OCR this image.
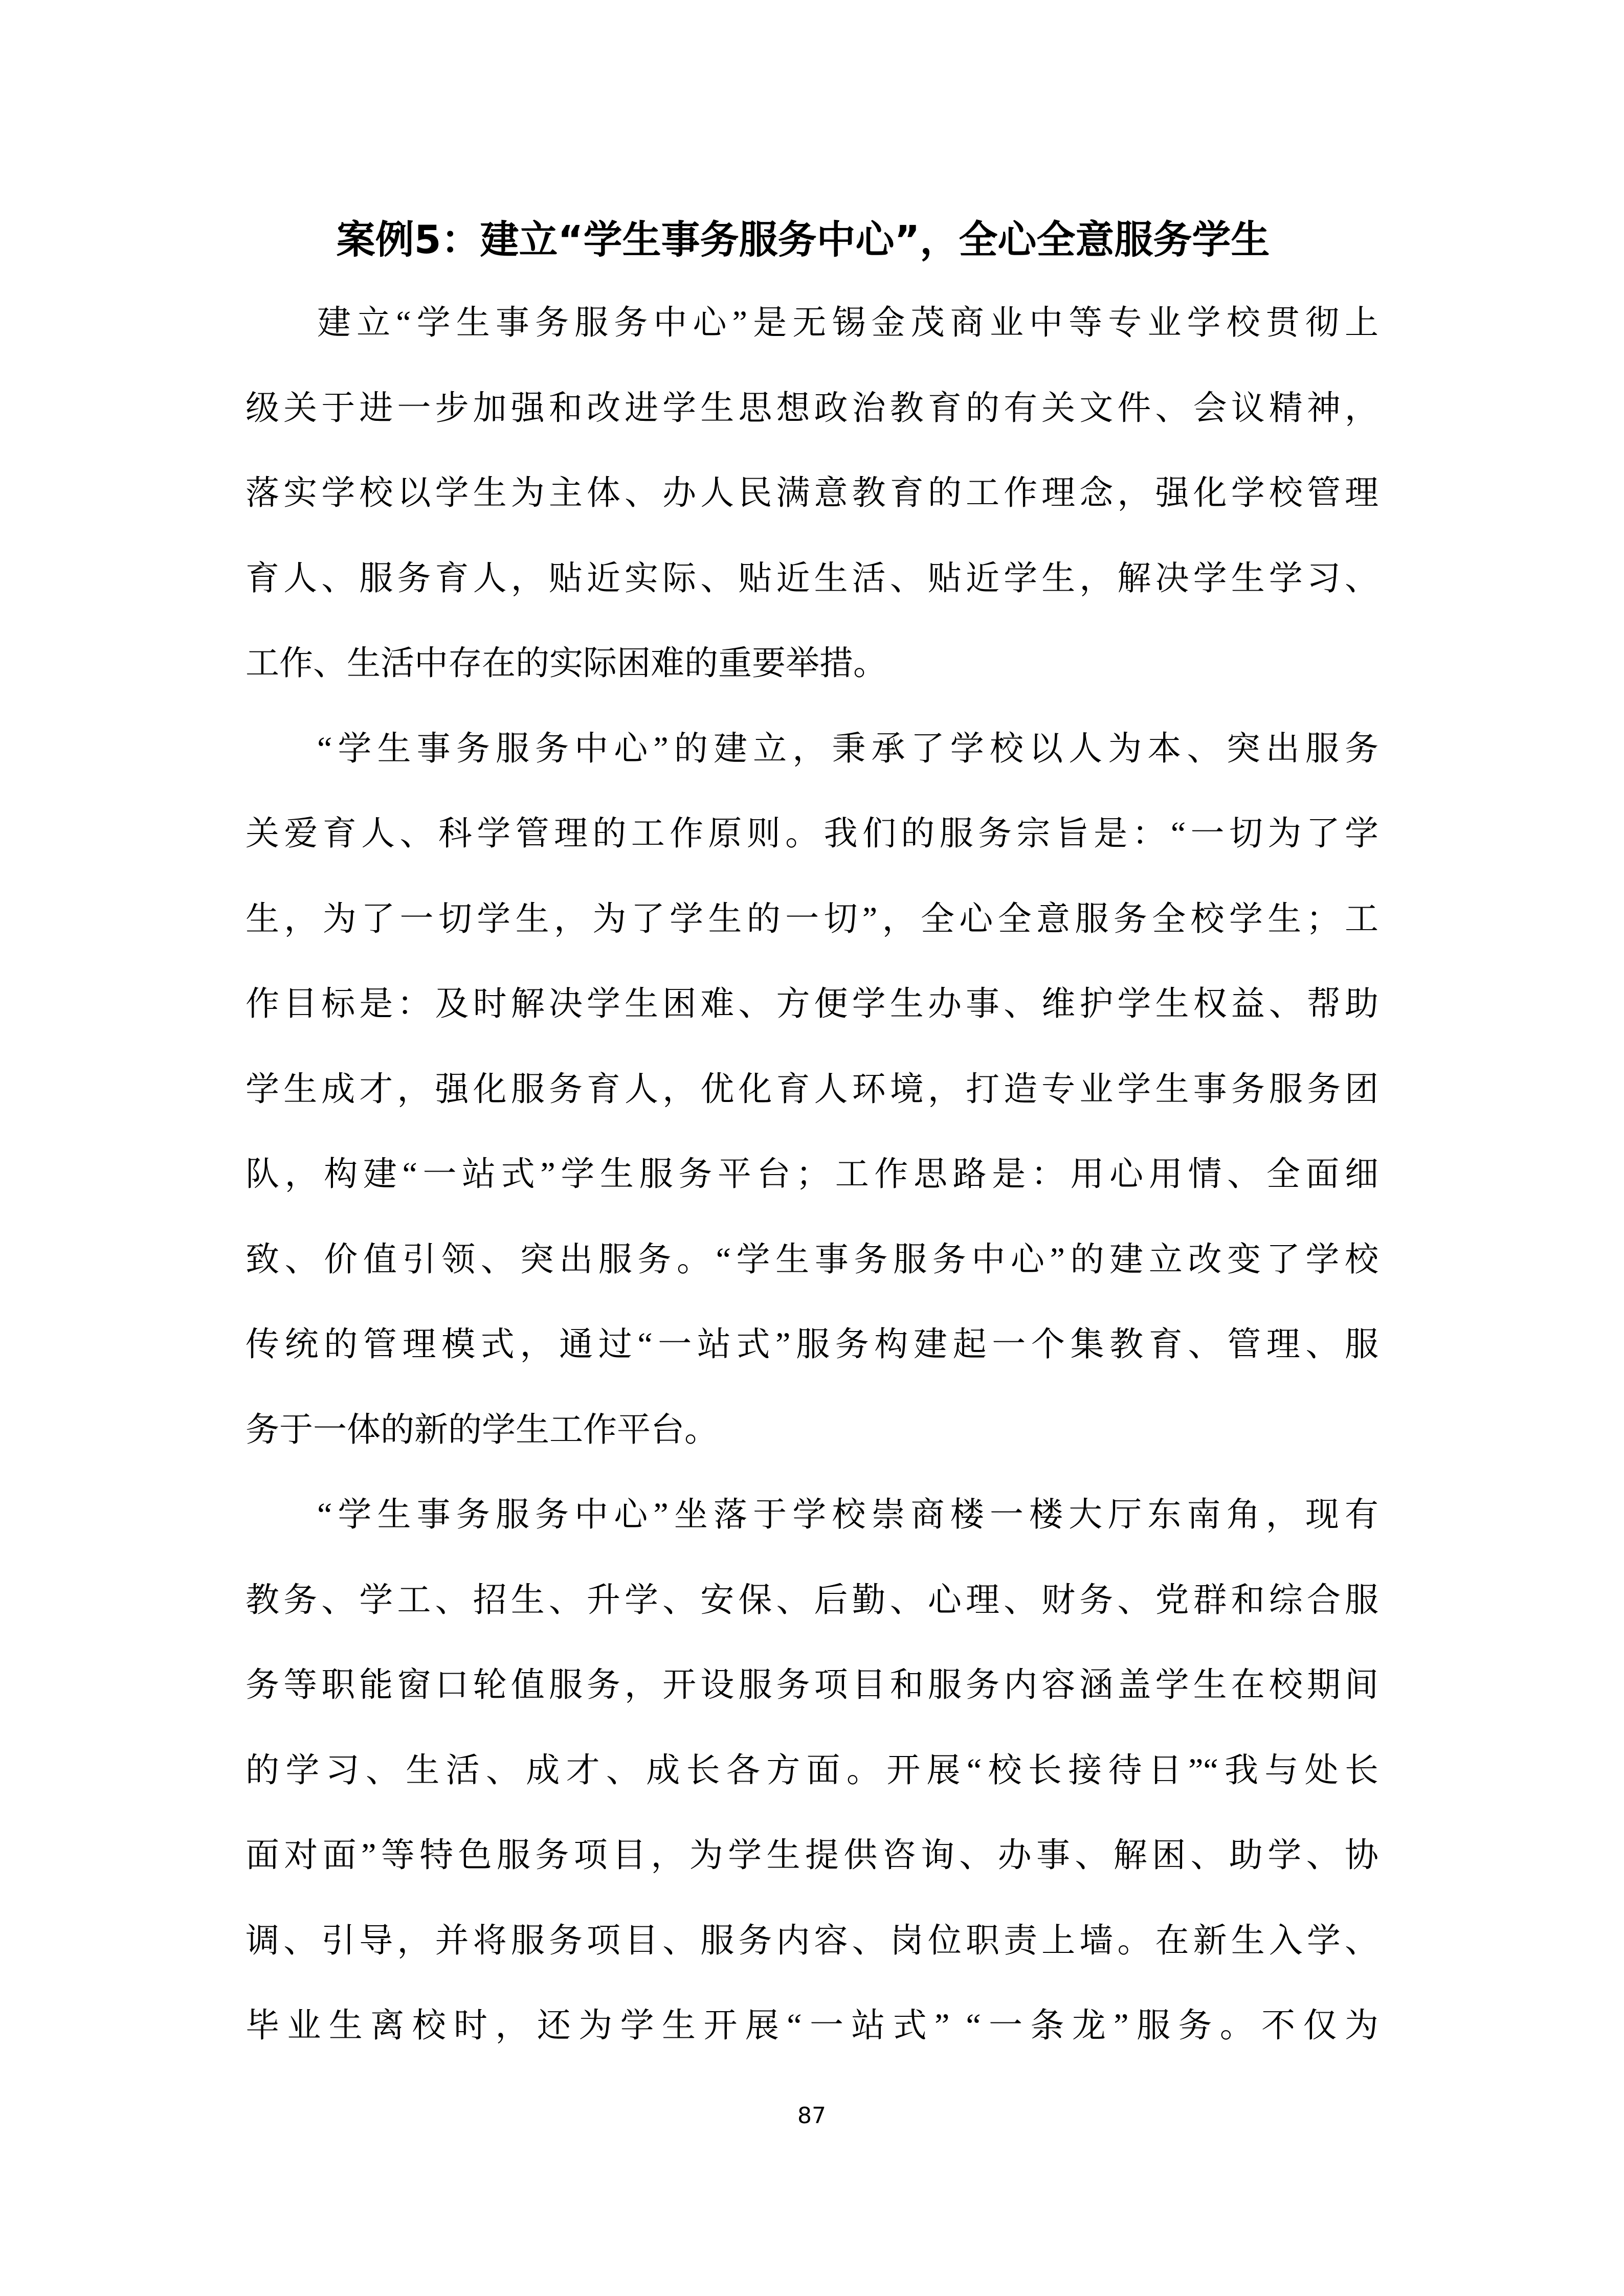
案例5：建立“学生事务服务中心”，全心全意服务学生
建立“学生事务服务中心”是无锡金茂商业中等专业学校贯彻上
级关于进一步加强和改进学生思想政治教育的有关文件、会议精神，
落实学校以学生为主体、办人民满意教育的工作理念，强化学校管理
育人、服务育人，贴近实际、贴近生活、贴近学生，解决学生学习、
工作、生活中存在的实际困难的重要举措。
“学生事务服务中心”的建立，秉承了学校以人为本、突出服务
关爱育人、科学管理的工作原则。我们的服务宗旨是：“一切为了学
生，为了一切学生，为了学生的一切”，全心全意服务全校学生；工
作目标是：及时解决学生困难、方便学生办事、维护学生权益、帮助
学生成才，强化服务育人，优化育人环境，打造专业学生事务服务团
队，构建“一站式”学生服务平台；工作思路是：用心用情、全面细
致、价值引领、突出服务。“学生事务服务中心”的建立改变了学校
传统的管理模式，通过“一站式”服务构建起一个集教育、管理、服
务于一体的新的学生工作平台。
“学生事务服务中心”坐落于学校崇商楼一楼大厅东南角，现有
教务、学工、招生、升学、安保、后勤、心理、财务、党群和综合服
务等职能窗口轮值服务，开设服务项目和服务内容涵盖学生在校期间
的学习、生活、成才、成长各方面。开展“校长接待日”“我与处长
面对面”等特色服务项目，为学生提供咨询、办事、解困、助学、协
调、引导，并将服务项目、服务内容、岗位职责上墙。在新生入学、
毕业生离校时，还为学生开展“一站式” “一条龙”服务。不仅为
87
